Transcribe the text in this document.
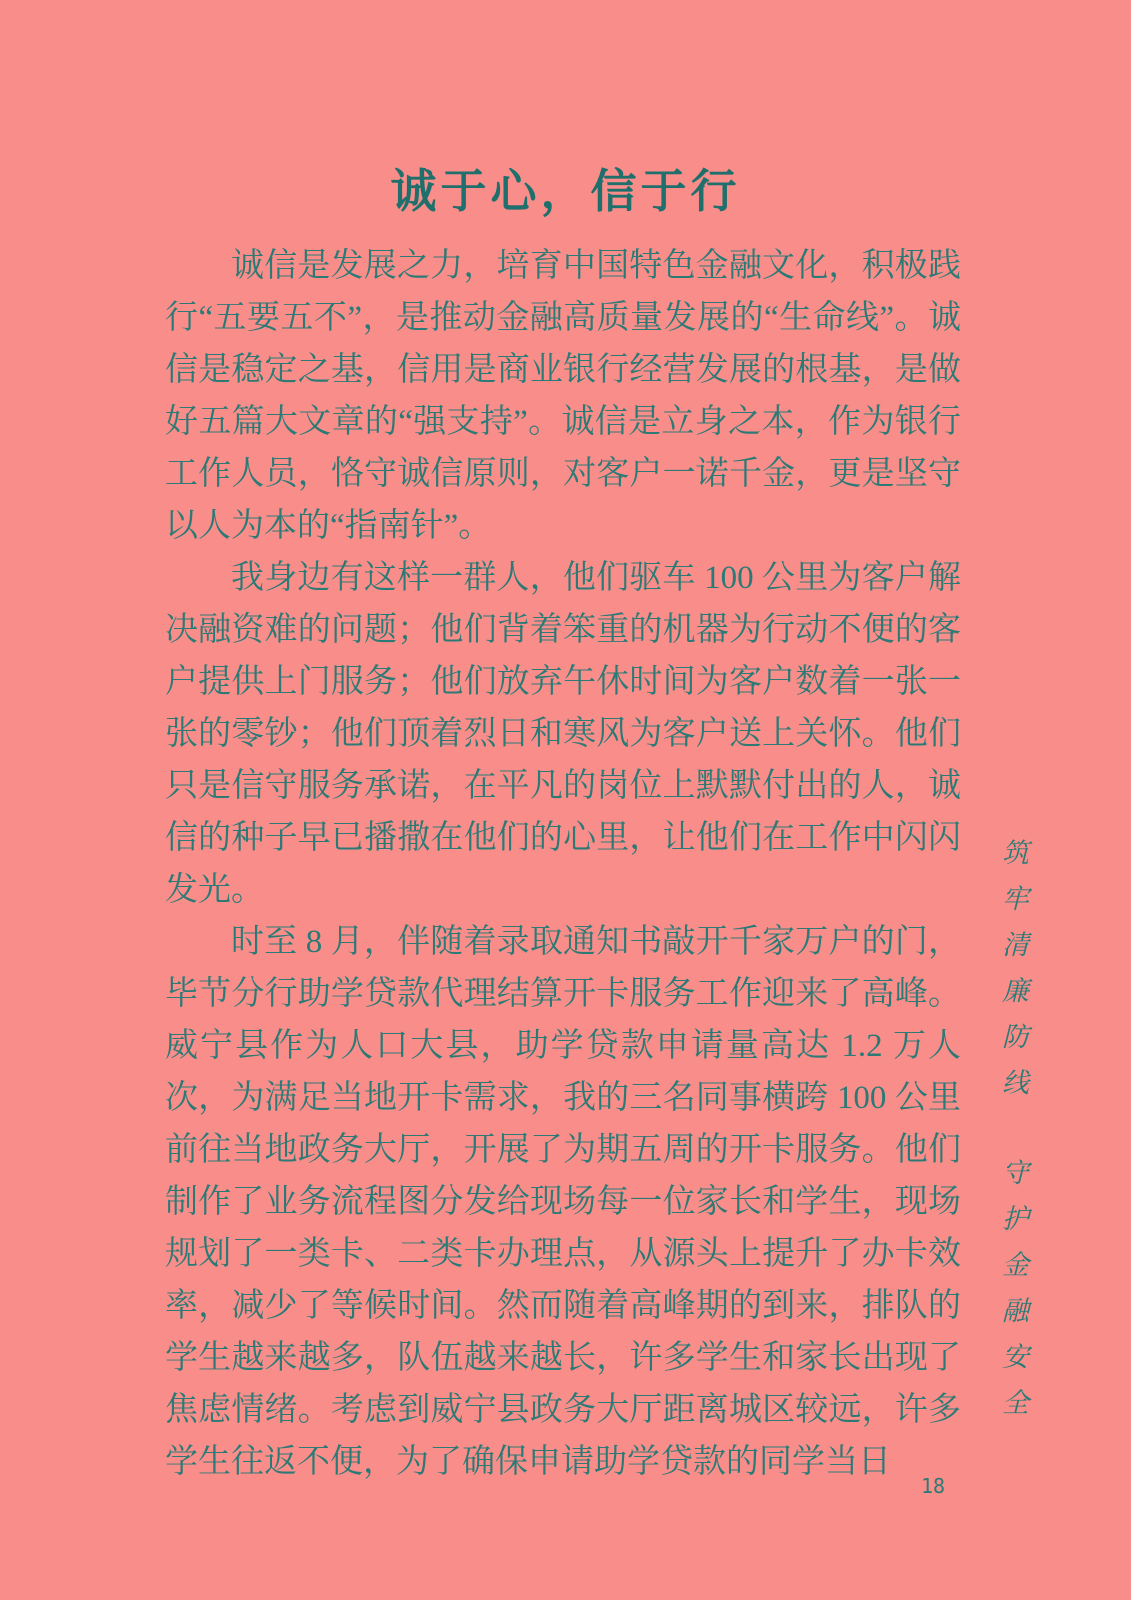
诚于心，信于行

诚信是发展之力，培育中国特色金融文化，积极践行“五要五不”，是推动金融高质量发展的“生命线”。诚信是稳定之基，信用是商业银行经营发展的根基，是做好五篇大文章的“强支持”。诚信是立身之本，作为银行工作人员，恪守诚信原则，对客户一诺千金，更是坚守以人为本的“指南针”。

我身边有这样一群人，他们驱车 100 公里为客户解决融资难的问题；他们背着笨重的机器为行动不便的客户提供上门服务；他们放弃午休时间为客户数着一张一张的零钞；他们顶着烈日和寒风为客户送上关怀。他们只是信守服务承诺，在平凡的岗位上默默付出的人，诚信的种子早已播撒在他们的心里，让他们在工作中闪闪发光。

时至 8 月，伴随着录取通知书敲开千家万户的门，毕节分行助学贷款代理结算开卡服务工作迎来了高峰。威宁县作为人口大县，助学贷款申请量高达 1.2 万人次，为满足当地开卡需求，我的三名同事横跨 100 公里前往当地政务大厅，开展了为期五周的开卡服务。他们制作了业务流程图分发给现场每一位家长和学生，现场规划了一类卡、二类卡办理点，从源头上提升了办卡效率，减少了等候时间。然而随着高峰期的到来，排队的学生越来越多，队伍越来越长，许多学生和家长出现了焦虑情绪。考虑到威宁县政务大厅距离城区较远，许多学生往返不便，为了确保申请助学贷款的同学当日

筑牢清廉防线
守护金融安全
18
